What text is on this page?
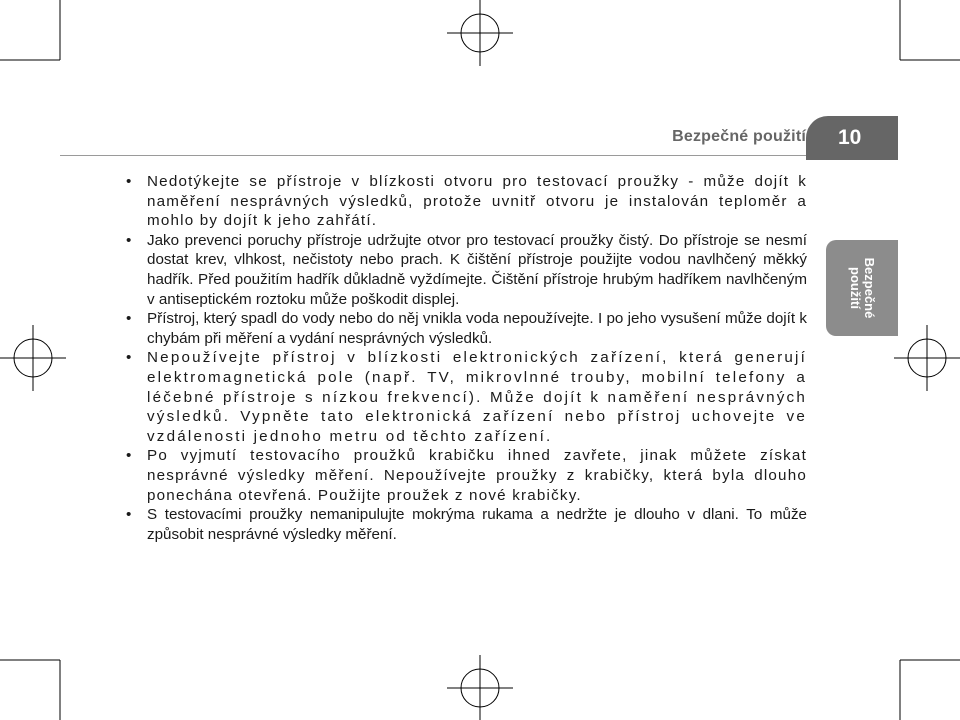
Bezpečné použití 10
Bezpečné
použití
• Nedotýkejte se přístroje v blízkosti otvoru pro testovací proužky - může dojít k naměření nesprávných výsledků, protože uvnitř otvoru je instalován teploměr a mohlo by dojít k jeho zahřátí.
• Jako prevenci poruchy přístroje udržujte otvor pro testovací proužky čistý. Do přístroje se nesmí dostat krev, vlhkost, nečistoty nebo prach. K čištění přístroje použijte vodou navlhčený měkký hadřík. Před použitím hadřík důkladně vyždímejte. Čištění přístroje hrubým hadříkem navlhčeným v antiseptickém roztoku může poškodit displej.
• Přístroj, který spadl do vody nebo do něj vnikla voda nepoužívejte. I po jeho vysušení může dojít k chybám při měření a vydání nesprávných výsledků.
• Nepoužívejte přístroj v blízkosti elektronických zařízení, která generují elektromagnetická pole (např. TV, mikrovlnné trouby, mobilní telefony a léčebné přístroje s nízkou frekvencí). Může dojít k naměření nesprávných výsledků. Vypněte tato elektronická zařízení nebo přístroj uchovejte ve vzdálenosti jednoho metru od těchto zařízení.
• Po vyjmutí testovacího proužků krabičku ihned zavřete, jinak můžete získat nesprávné výsledky měření. Nepoužívejte proužky z krabičky, která byla dlouho ponechána otevřená. Použijte proužek z nové krabičky.
• S testovacími proužky nemanipulujte mokrýma rukama a nedržte je dlouho v dlani. To může způsobit nesprávné výsledky měření.
